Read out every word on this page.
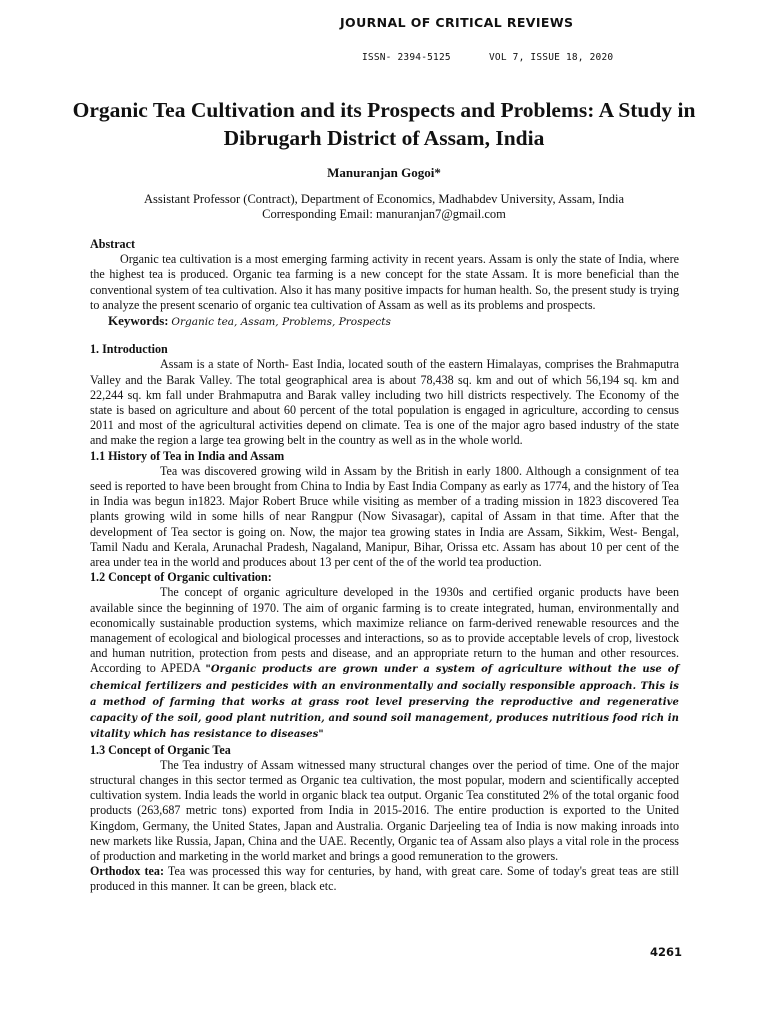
JOURNAL OF CRITICAL REVIEWS
ISSN- 2394-5125	VOL 7, ISSUE 18, 2020
Organic Tea Cultivation and its Prospects and Problems: A Study in Dibrugarh District of Assam, India
Manuranjan Gogoi*
Assistant Professor (Contract), Department of Economics, Madhabdev University, Assam, India
Corresponding Email: manuranjan7@gmail.com

Abstract

Organic tea cultivation is a most emerging farming activity in recent years. Assam is only the state of India, where the highest tea is produced. Organic tea farming is a new concept for the state Assam. It is more beneficial than the conventional system of tea cultivation. Also it has many positive impacts for human health. So, the present study is trying to analyze the present scenario of organic tea cultivation of Assam as well as its problems and prospects.

Keywords: Organic tea, Assam, Problems, Prospects

1. Introduction

Assam is a state of North- East India, located south of the eastern Himalayas, comprises the Brahmaputra Valley and the Barak Valley. The total geographical area is about 78,438 sq. km and out of which 56,194 sq. km and 22,244 sq. km fall under Brahmaputra and Barak valley including two hill districts respectively. The Economy of the state is based on agriculture and about 60 percent of the total population is engaged in agriculture, according to census 2011 and most of the agricultural activities depend on climate. Tea is one of the major agro based industry of the state and make the region a large tea growing belt in the country as well as in the whole world.

1.1 History of Tea in India and Assam

Tea was discovered growing wild in Assam by the British in early 1800. Although a consignment of tea seed is reported to have been brought from China to India by East India Company as early as 1774, and the history of Tea in India was begun in1823. Major Robert Bruce while visiting as member of a trading mission in 1823 discovered Tea plants growing wild in some hills of near Rangpur (Now Sivasagar), capital of Assam in that time. After that the development of Tea sector is going on. Now, the major tea growing states in India are Assam, Sikkim, West- Bengal, Tamil Nadu and Kerala, Arunachal Pradesh, Nagaland, Manipur, Bihar, Orissa etc. Assam has about 10 per cent of the area under tea in the world and produces about 13 per cent of the of the world tea production.

1.2 Concept of Organic cultivation:

The concept of organic agriculture developed in the 1930s and certified organic products have been available since the beginning of 1970. The aim of organic farming is to create integrated, human, environmentally and economically sustainable production systems, which maximize reliance on farm-derived renewable resources and the management of ecological and biological processes and interactions, so as to provide acceptable levels of crop, livestock and human nutrition, protection from pests and disease, and an appropriate return to the human and other resources. According to APEDA "Organic products are grown under a system of agriculture without the use of chemical fertilizers and pesticides with an environmentally and socially responsible approach. This is a method of farming that works at grass root level preserving the reproductive and regenerative capacity of the soil, good plant nutrition, and sound soil management, produces nutritious food rich in vitality which has resistance to diseases"

1.3 Concept of Organic Tea

The Tea industry of Assam witnessed many structural changes over the period of time. One of the major structural changes in this sector termed as Organic tea cultivation, the most popular, modern and scientifically accepted cultivation system. India leads the world in organic black tea output. Organic Tea constituted 2% of the total organic food products (263,687 metric tons) exported from India in 2015-2016. The entire production is exported to the United Kingdom, Germany, the United States, Japan and Australia. Organic Darjeeling tea of India is now making inroads into new markets like Russia, Japan, China and the UAE. Recently, Organic tea of Assam also plays a vital role in the process of production and marketing in the world market and brings a good remuneration to the growers.

Orthodox tea: Tea was processed this way for centuries, by hand, with great care. Some of today's great teas are still produced in this manner. It can be green, black etc.

4261
